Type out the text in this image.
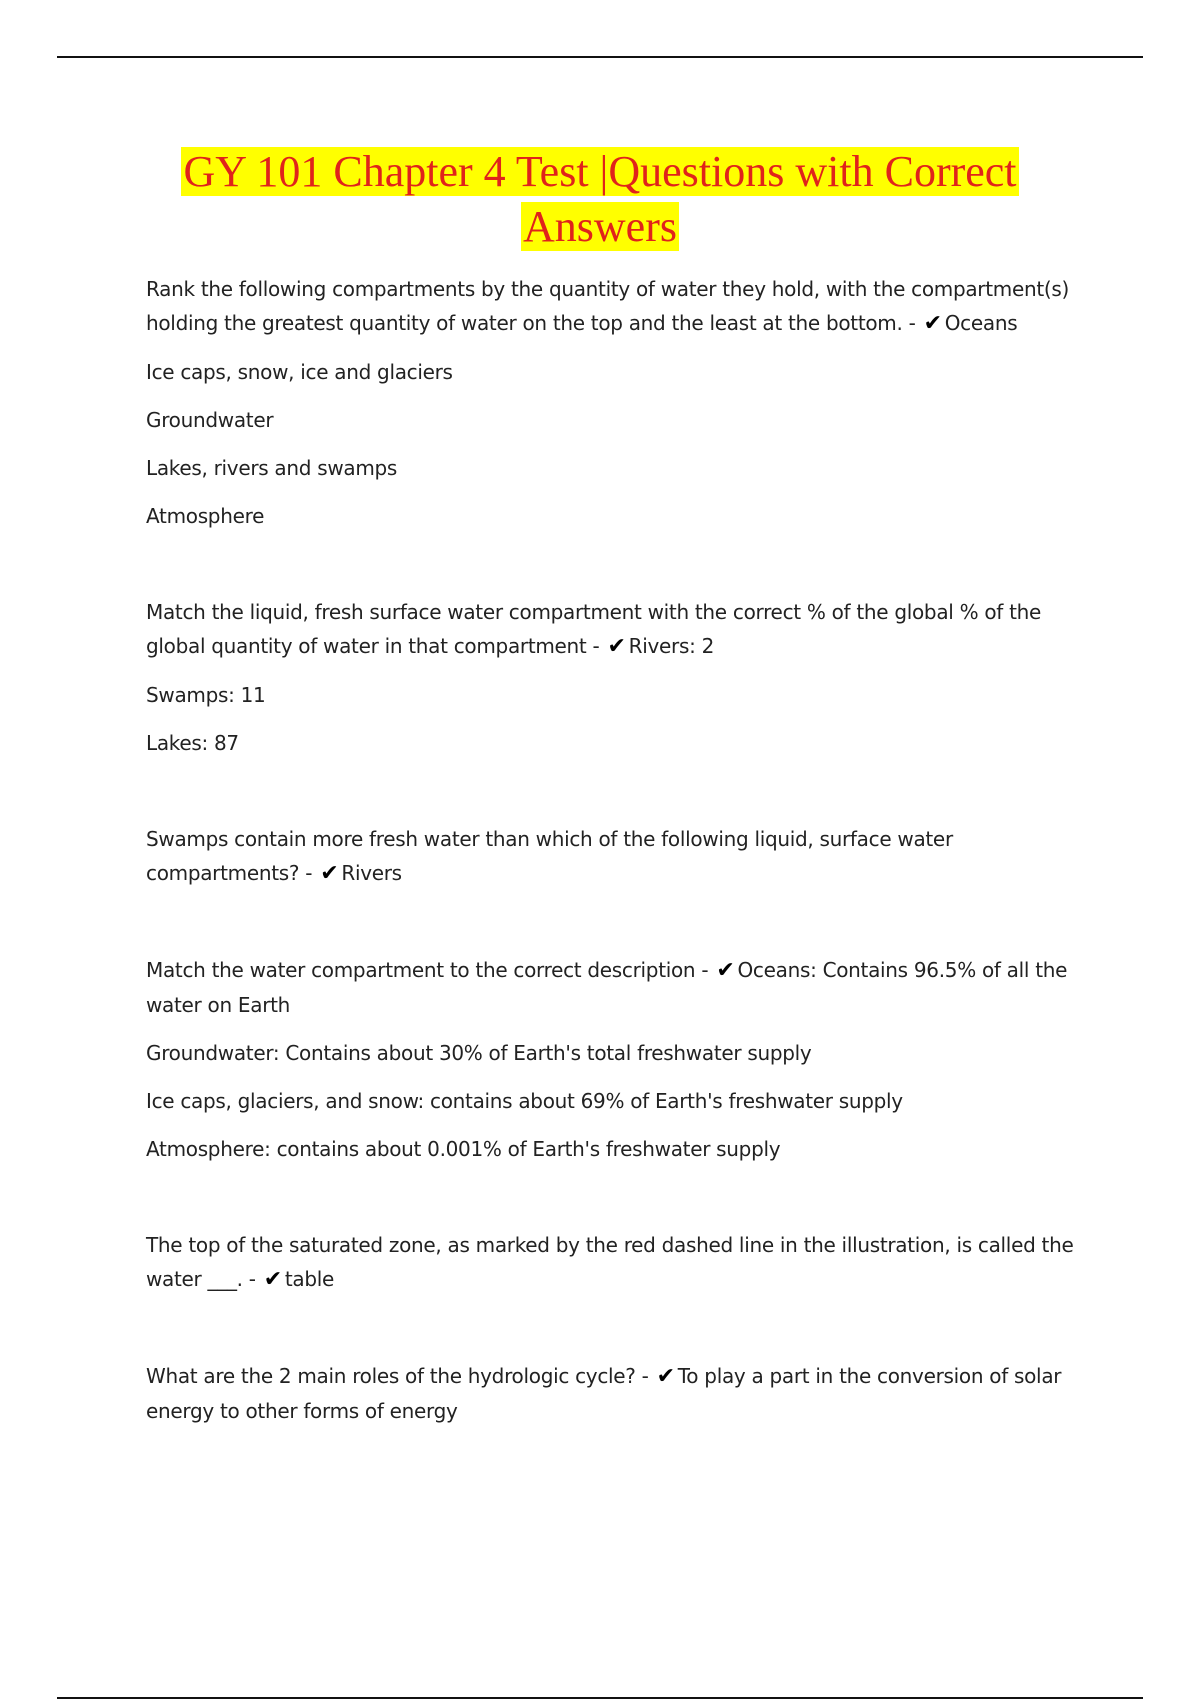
GY 101 Chapter 4 Test |Questions with Correct
Answers

Rank the following compartments by the quantity of water they hold, with the compartment(s) holding the greatest quantity of water on the top and the least at the bottom. - ✔ Oceans

Ice caps, snow, ice and glaciers

Groundwater

Lakes, rivers and swamps

Atmosphere

Match the liquid, fresh surface water compartment with the correct % of the global % of the global quantity of water in that compartment - ✔ Rivers: 2

Swamps: 11

Lakes: 87

Swamps contain more fresh water than which of the following liquid, surface water compartments? - ✔ Rivers

Match the water compartment to the correct description - ✔ Oceans: Contains 96.5% of all the water on Earth

Groundwater: Contains about 30% of Earth's total freshwater supply

Ice caps, glaciers, and snow: contains about 69% of Earth's freshwater supply

Atmosphere: contains about 0.001% of Earth's freshwater supply

The top of the saturated zone, as marked by the red dashed line in the illustration, is called the water ___. - ✔ table

What are the 2 main roles of the hydrologic cycle? - ✔ To play a part in the conversion of solar energy to other forms of energy
